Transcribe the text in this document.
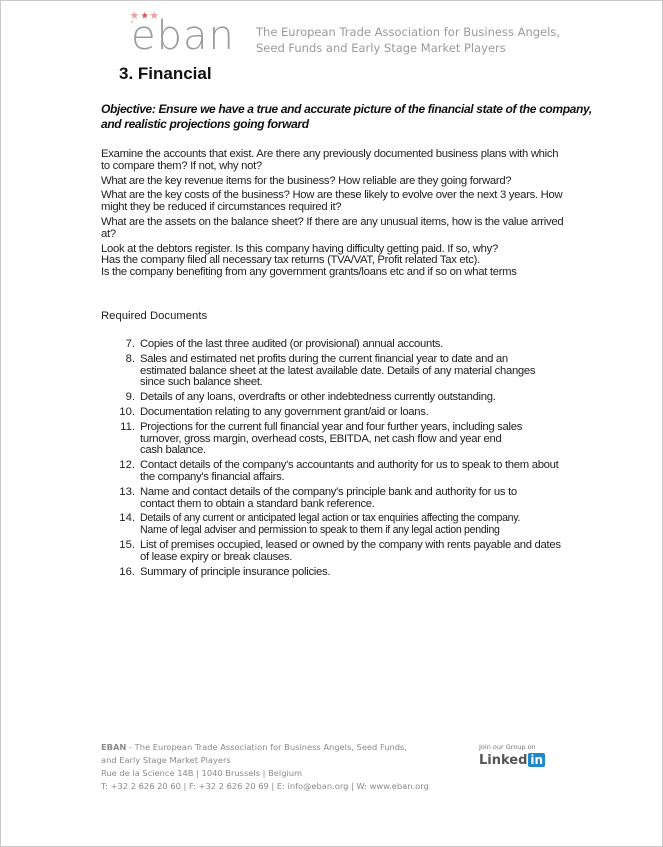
eban The European Trade Association for Business Angels,
Seed Funds and Early Stage Market Players
3. Financial
Objective: Ensure we have a true and accurate picture of the financial state of the company,
and realistic projections going forward
Examine the accounts that exist. Are there any previously documented business plans with which
to compare them? If not, why not?
What are the key revenue items for the business? How reliable are they going forward?
What are the key costs of the business? How are these likely to evolve over the next 3 years. How
might they be reduced if circumstances required it?
What are the assets on the balance sheet? If there are any unusual items, how is the value arrived
at?
Look at the debtors register. Is this company having difficulty getting paid. If so, why?
Has the company filed all necessary tax returns (TVA/VAT, Profit related Tax etc).
Is the company benefiting from any government grants/loans etc and if so on what terms
Required Documents
7. Copies of the last three audited (or provisional) annual accounts.
8. Sales and estimated net profits during the current financial year to date and an
estimated balance sheet at the latest available date. Details of any material changes
since such balance sheet.
9. Details of any loans, overdrafts or other indebtedness currently outstanding.
10. Documentation relating to any government grant/aid or loans.
11. Projections for the current full financial year and four further years, including sales
turnover, gross margin, overhead costs, EBITDA, net cash flow and year end
cash balance.
12. Contact details of the company's accountants and authority for us to speak to them about
the company's financial affairs.
13. Name and contact details of the company's principle bank and authority for us to
contact them to obtain a standard bank reference.
14. Details of any current or anticipated legal action or tax enquiries affecting the company.
Name of legal adviser and permission to speak to them if any legal action pending
15. List of premises occupied, leased or owned by the company with rents payable and dates
of lease expiry or break clauses.
16. Summary of principle insurance policies.
EBAN - The European Trade Association for Business Angels, Seed Funds,
and Early Stage Market Players
Rue de la Science 14B | 1040 Brussels | Belgium
T: +32 2 626 20 60 | F: +32 2 626 20 69 | E: info@eban.org | W: www.eban.org
Join our Group on
Linked in
